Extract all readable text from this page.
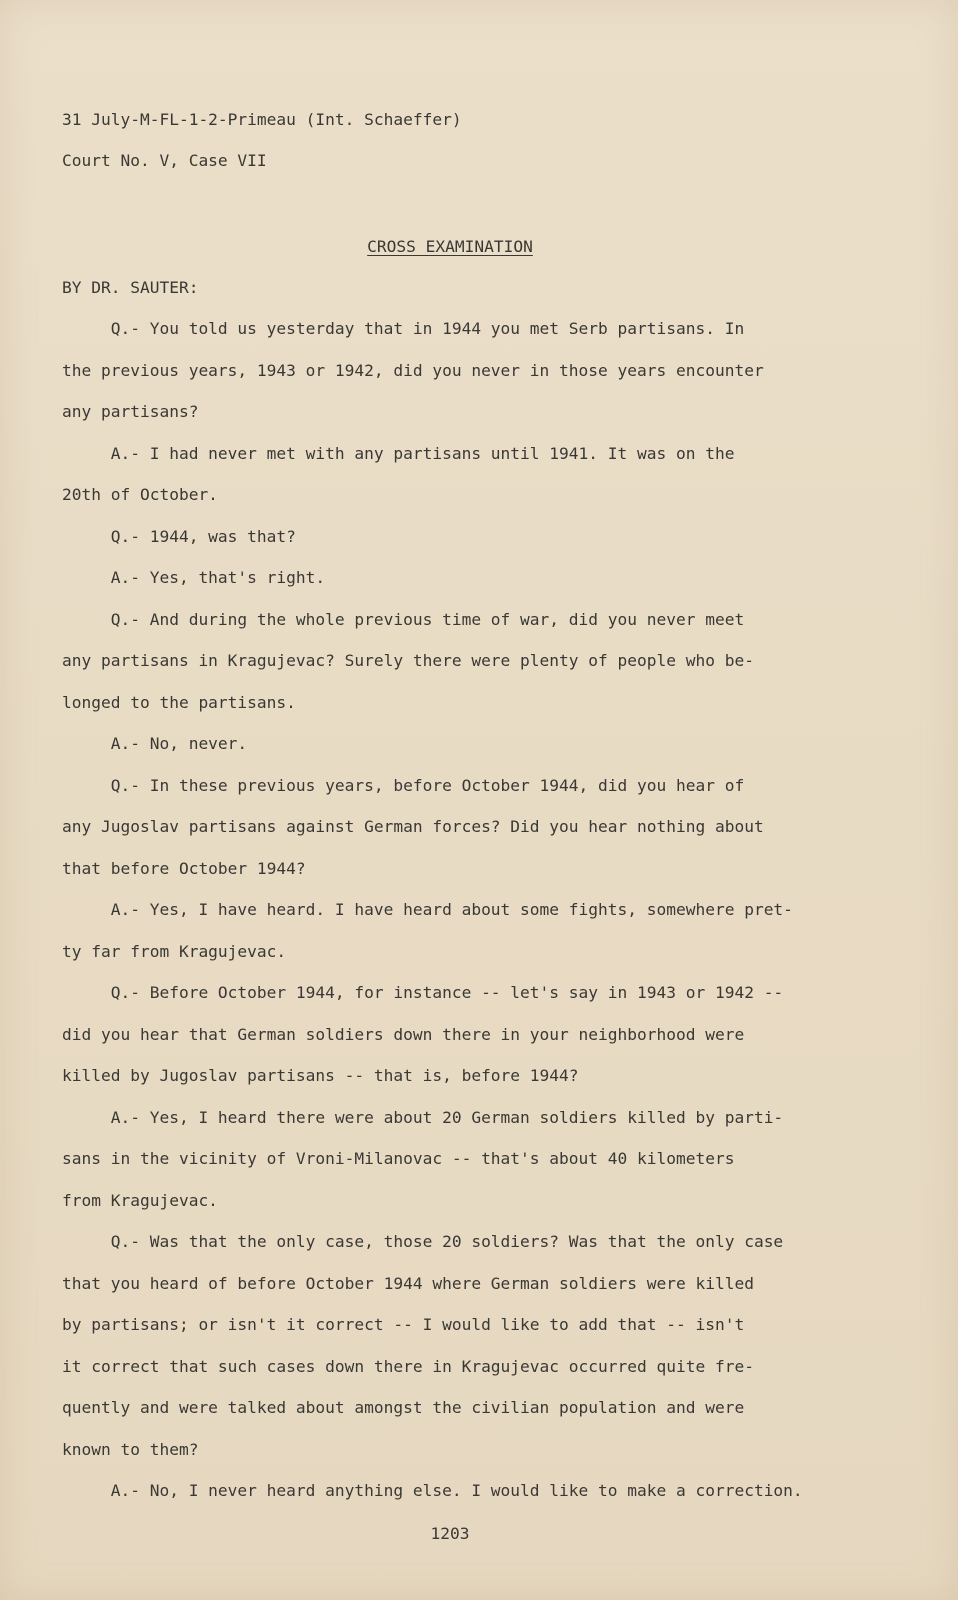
31 July-M-FL-1-2-Primeau (Int. Schaeffer)
Court No. V, Case VII
CROSS EXAMINATION
BY DR. SAUTER:
Q.- You told us yesterday that in 1944 you met Serb partisans. In
the previous years, 1943 or 1942, did you never in those years encounter
any partisans?
A.- I had never met with any partisans until 1941. It was on the
20th of October.
Q.- 1944, was that?
A.- Yes, that's right.
Q.- And during the whole previous time of war, did you never meet
any partisans in Kragujevac? Surely there were plenty of people who be-
longed to the partisans.
A.- No, never.
Q.- In these previous years, before October 1944, did you hear of
any Jugoslav partisans against German forces? Did you hear nothing about
that before October 1944?
A.- Yes, I have heard. I have heard about some fights, somewhere pret-
ty far from Kragujevac.
Q.- Before October 1944, for instance -- let's say in 1943 or 1942 --
did you hear that German soldiers down there in your neighborhood were
killed by Jugoslav partisans -- that is, before 1944?
A.- Yes, I heard there were about 20 German soldiers killed by parti-
sans in the vicinity of Vroni-Milanovac -- that's about 40 kilometers
from Kragujevac.
Q.- Was that the only case, those 20 soldiers? Was that the only case
that you heard of before October 1944 where German soldiers were killed
by partisans; or isn't it correct -- I would like to add that -- isn't
it correct that such cases down there in Kragujevac occurred quite fre-
quently and were talked about amongst the civilian population and were
known to them?
A.- No, I never heard anything else. I would like to make a correction.
1203
